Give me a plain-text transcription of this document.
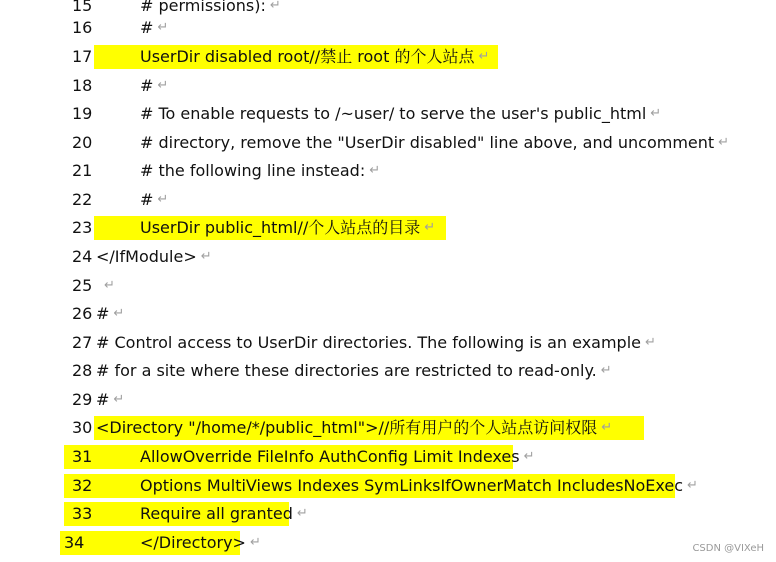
15	# permissions): ↵
16	# ↵
17	UserDir disabled root//禁止 root 的个人站点 ↵
18	# ↵
19	# To enable requests to /~user/ to serve the user's public_html ↵
20	# directory, remove the "UserDir disabled" line above, and uncomment ↵
21	# the following line instead: ↵
22	# ↵
23	UserDir public_html//个人站点的目录 ↵
24 </IfModule> ↵
25 ↵
26 # ↵
27 # Control access to UserDir directories. The following is an example ↵
28 # for a site where these directories are restricted to read-only. ↵
29 # ↵
30 <Directory "/home/*/public_html">//所有用户的个人站点访问权限 ↵
31	AllowOverride FileInfo AuthConfig Limit Indexes ↵
32	Options MultiViews Indexes SymLinksIfOwnerMatch IncludesNoExec ↵
33	Require all granted ↵
34	</Directory> ↵	CSDN @VIXeH
